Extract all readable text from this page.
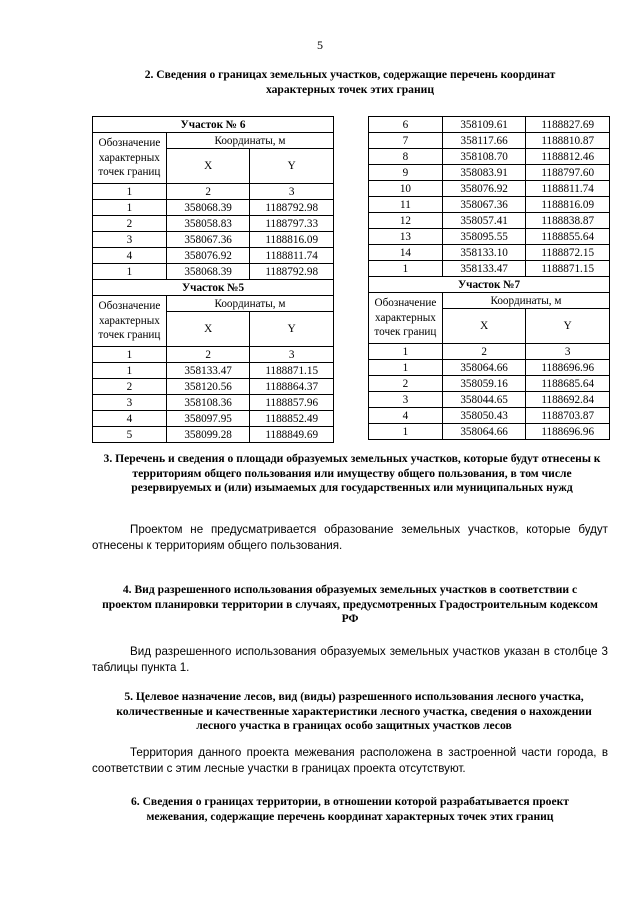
5
2. Сведения о границах земельных участков, содержащие перечень координат характерных точек этих границ
Участок № 6		
Обозначение характерных точек границ	Координаты, м	
	X	Y
1	2	3
1	358068.39	1188792.98
2	358058.83	1188797.33
3	358067.36	1188816.09
4	358076.92	1188811.74
1	358068.39	1188792.98
Участок №5		
Обозначение характерных точек границ	Координаты, м	
	X	Y
1	2	3
1	358133.47	1188871.15
2	358120.56	1188864.37
3	358108.36	1188857.96
4	358097.95	1188852.49
5	358099.28	1188849.69
6	358109.61	1188827.69
7	358117.66	1188810.87
8	358108.70	1188812.46
9	358083.91	1188797.60
10	358076.92	1188811.74
11	358067.36	1188816.09
12	358057.41	1188838.87
13	358095.55	1188855.64
14	358133.10	1188872.15
1	358133.47	1188871.15
Участок №7		
Обозначение характерных точек границ	Координаты, м	
	X	Y
1	2	3
1	358064.66	1188696.96
2	358059.16	1188685.64
3	358044.65	1188692.84
4	358050.43	1188703.87
1	358064.66	1188696.96
3. Перечень и сведения о площади образуемых земельных участков, которые будут отнесены к территориям общего пользования или имуществу общего пользования, в том числе резервируемых и (или) изымаемых для государственных или муниципальных нужд
Проектом не предусматривается образование земельных участков, которые будут отнесены к территориям общего пользования.
4. Вид разрешенного использования образуемых земельных участков в соответствии с проектом планировки территории в случаях, предусмотренных Градостроительным кодексом РФ
Вид разрешенного использования образуемых земельных участков указан в столбце 3 таблицы пункта 1.
5. Целевое назначение лесов, вид (виды) разрешенного использования лесного участка, количественные и качественные характеристики лесного участка, сведения о нахождении лесного участка в границах особо защитных участков лесов
Территория данного проекта межевания расположена в застроенной части города, в соответствии с этим лесные участки в границах проекта отсутствуют.
6. Сведения о границах территории, в отношении которой разрабатывается проект межевания, содержащие перечень координат характерных точек этих границ
